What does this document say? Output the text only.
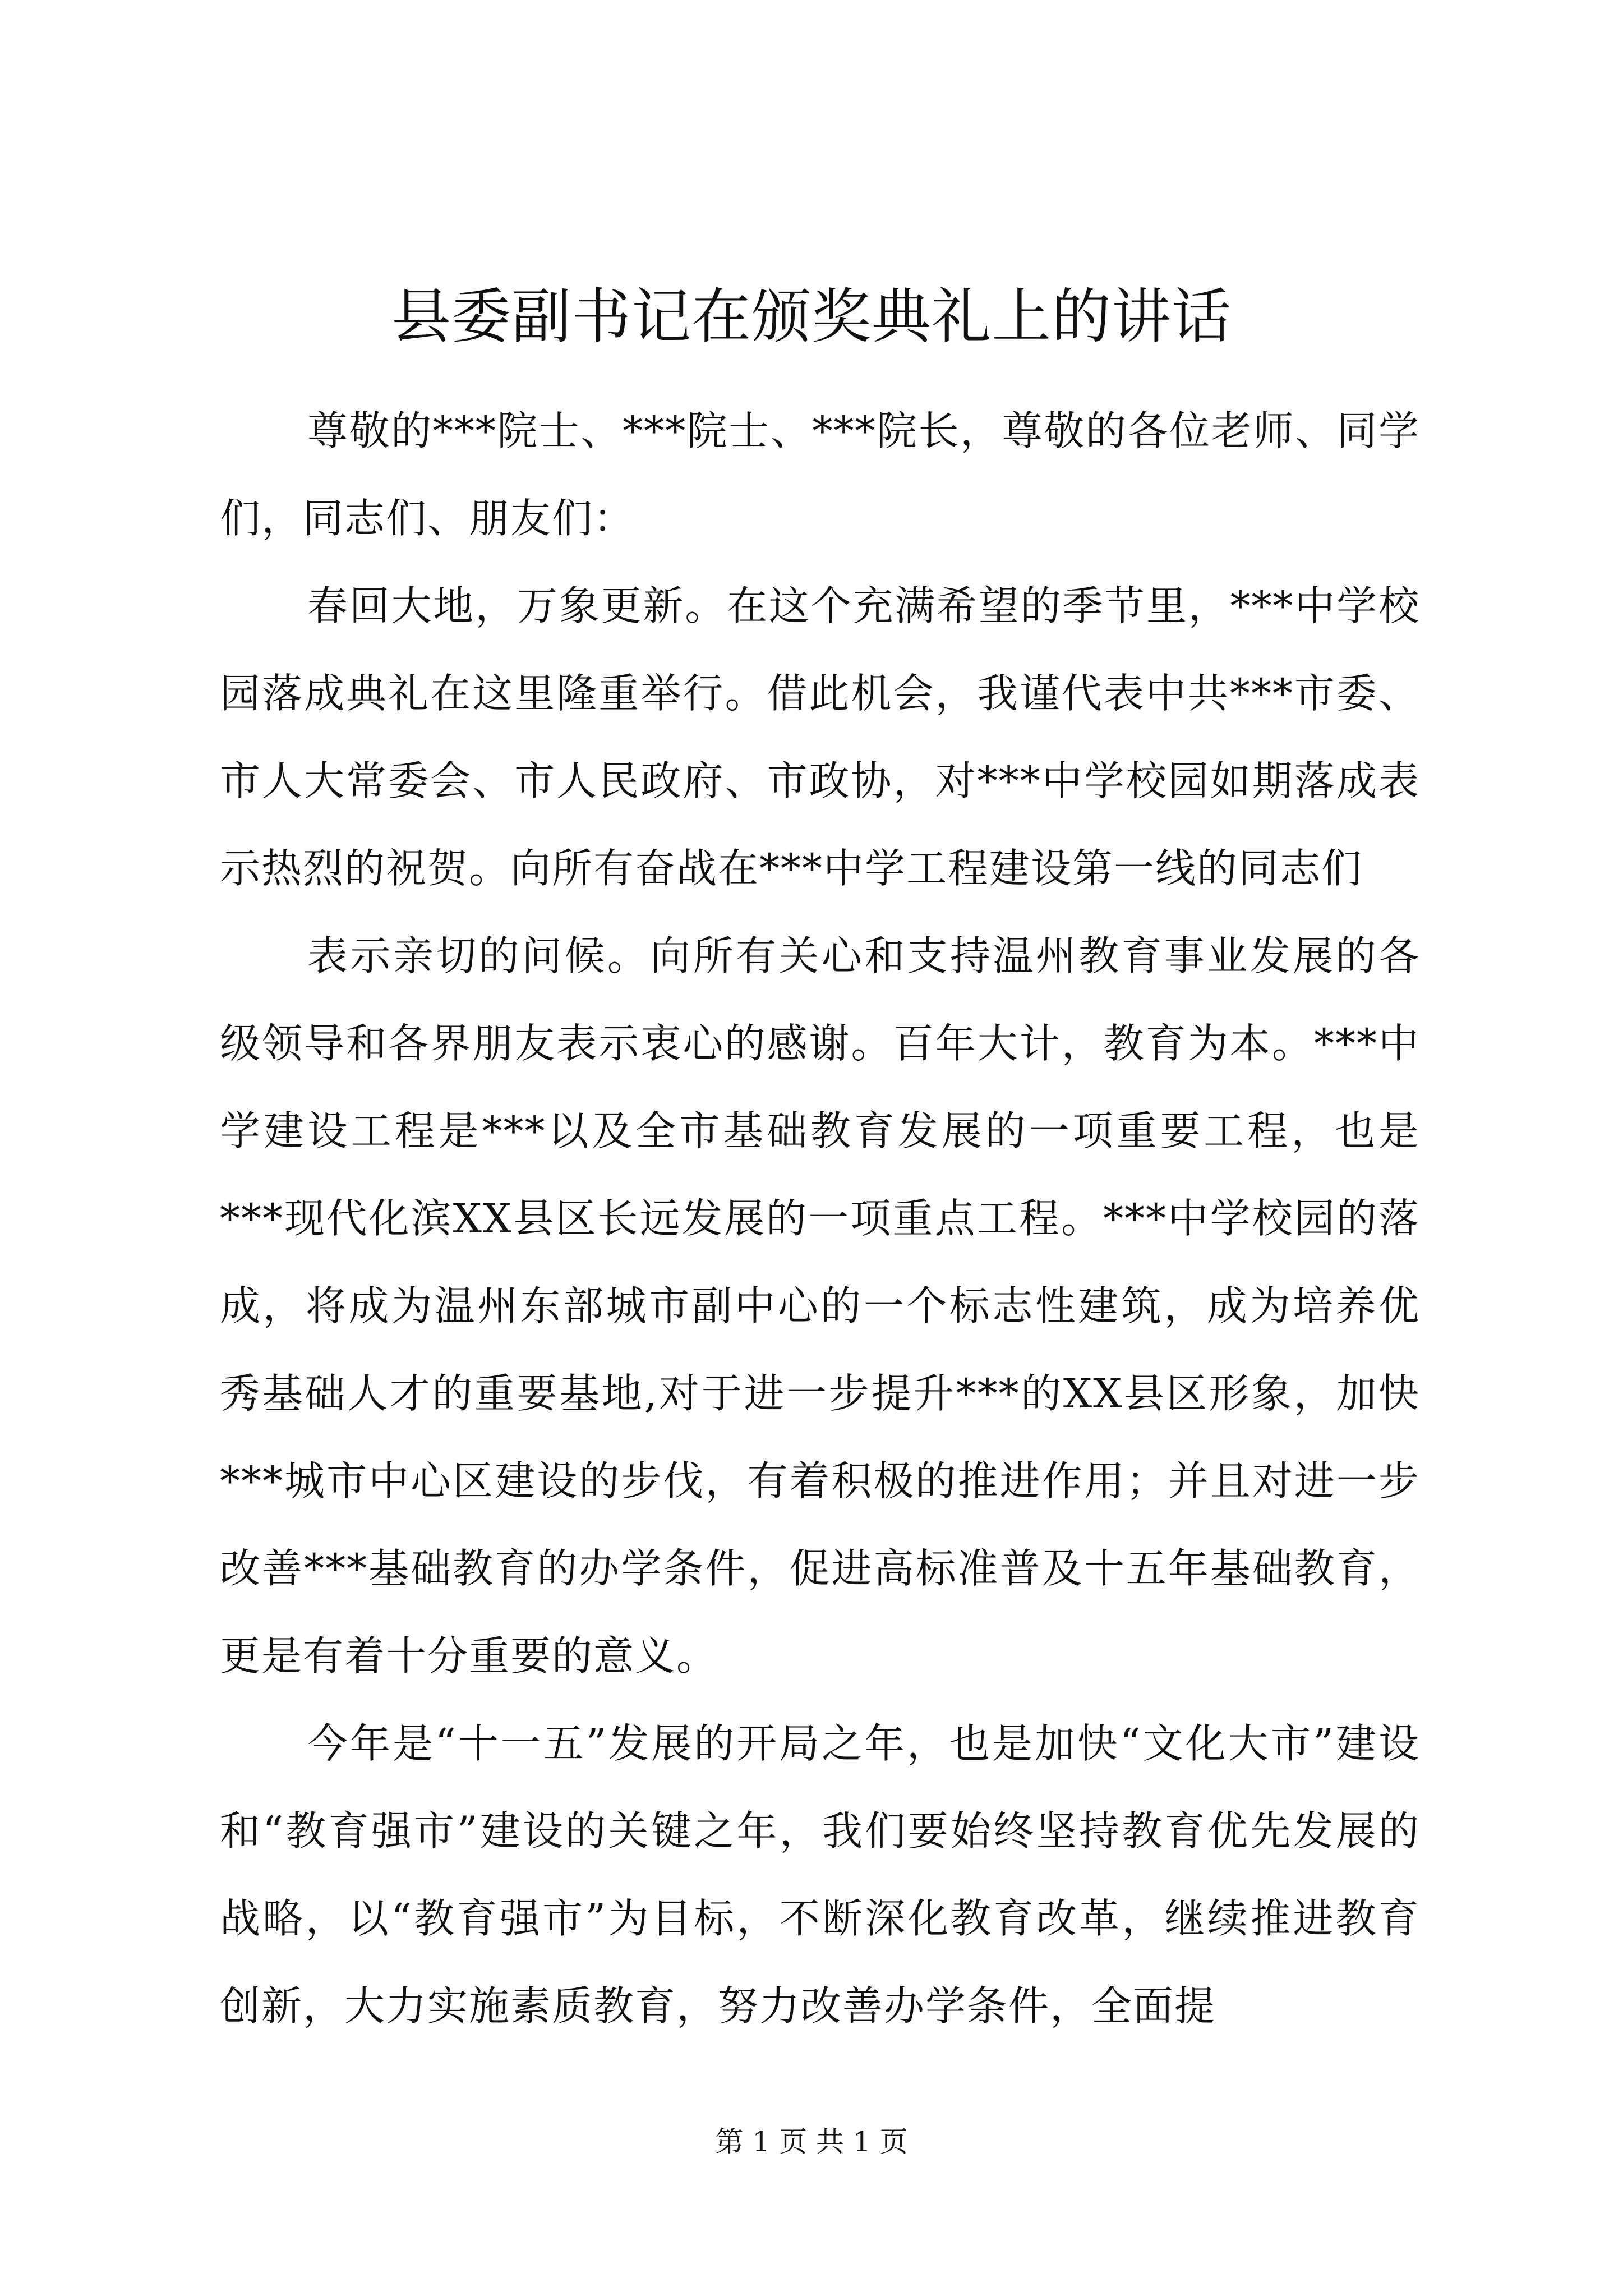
县委副书记在颁奖典礼上的讲话

尊敬的***院士、***院士、***院长，尊敬的各位老师、同学们，同志们、朋友们：

春回大地，万象更新。在这个充满希望的季节里，***中学校园落成典礼在这里隆重举行。借此机会，我谨代表中共***市委、市人大常委会、市人民政府、市政协，对***中学校园如期落成表示热烈的祝贺。向所有奋战在***中学工程建设第一线的同志们

表示亲切的问候。向所有关心和支持温州教育事业发展的各级领导和各界朋友表示衷心的感谢。百年大计，教育为本。***中学建设工程是***以及全市基础教育发展的一项重要工程，也是***现代化滨XX县区长远发展的一项重点工程。***中学校园的落成，将成为温州东部城市副中心的一个标志性建筑，成为培养优秀基础人才的重要基地,对于进一步提升***的XX县区形象，加快***城市中心区建设的步伐，有着积极的推进作用；并且对进一步改善***基础教育的办学条件，促进高标准普及十五年基础教育，更是有着十分重要的意义。

今年是“十一五”发展的开局之年，也是加快“文化大市”建设和“教育强市”建设的关键之年，我们要始终坚持教育优先发展的战略，以“教育强市”为目标，不断深化教育改革，继续推进教育创新，大力实施素质教育，努力改善办学条件，全面提

第 1 页 共 1 页
